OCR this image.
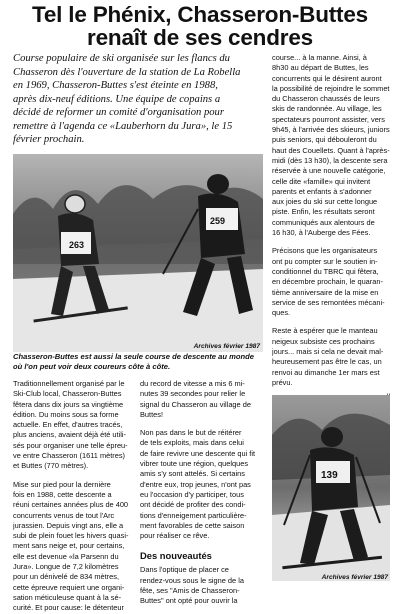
Tel le Phénix, Chasseron-Buttes
renaît de ses cendres
Course populaire de ski organisée sur les flancs du
Chasseron dès l'ouverture de la station de La Robella
en 1969, Chasseron-Buttes s'est éteinte en 1988,
après dix-neuf éditions. Une équipe de copains a
décidé de reformer un comité d'organisation pour
remettre à l'agenda ce «Lauberhorn du Jura», le 15
février prochain.
263
259
Archives février 1987
Chasseron-Buttes est aussi la seule course de descente au monde
où l'on peut voir deux coureurs côte à côte.
course... à la manne. Ainsi, à
8h30 au départ de Buttes, les
concurrents qui le désirent auront
la possibilité de rejoindre le sommet
du Chasseron chaussés de leurs
skis de randonnée. Au village, les
spectateurs pourront assister, vers
9h45, à l'arrivée des skieurs, juniors
puis seniors, qui débouleront du
haut des Couellets. Quant à l'après-
midi (dès 13 h30), la descente sera
réservée à une nouvelle catégorie,
celle dite «famille» qui invitent
parents et enfants à s'adonner
aux joies du ski sur cette longue
piste. Enfin, les résultats seront
communiqués aux alentours de
16 h30, à l'Auberge des Fées.
Précisons que les organisateurs
ont pu compter sur le soutien in-
conditionnel du TBRC qui fêtera,
en décembre prochain, le quaran-
tième anniversaire de la mise en
service de ses remontées mécani-
ques.
Reste à espérer que le manteau
neigeux subsiste ces prochains
jours... mais si cela ne devait mal-
heureusement pas être le cas, un
renvoi au dimanche 1er mars est
prévu.
Traditionnellement organisé par le
Ski-Club local, Chasseron-Buttes
fêtera dans dix jours sa vingtième
édition. Du moins sous sa forme
actuelle. En effet, d'autres tracés,
plus anciens, avaient déjà été utili-
sés pour organiser une telle épreu-
ve entre Chasseron (1611 mètres)
et Buttes (770 mètres).
Mise sur pied pour la dernière
fois en 1988, cette descente a
réuni certaines années plus de 400
concurrents venus de tout l'Arc
jurassien. Depuis vingt ans, elle a
subi de plein fouet les hivers quasi-
ment sans neige et, pour certains,
elle est devenue «la Parsenn du
Jura». Longue de 7,2 kilomètres
pour un dénivelé de 834 mètres,
cette épreuve requiert une organi-
sation méticuleuse quant à la sé-
curité. Et pour cause: le détenteur
du record de vitesse a mis 6 mi-
nutes 39 secondes pour relier le
signal du Chasseron au village de
Buttes!
Non pas dans le but de réitérer
de tels exploits, mais dans celui
de faire revivre une descente qui fit
vibrer toute une région, quelques
amis s'y sont attelés. Si certains
d'entre eux, trop jeunes, n'ont pas
eu l'occasion d'y participer, tous
ont décidé de profiter des condi-
tions d'enneigement particulière-
ment favorables de cette saison
pour réaliser ce rêve.
Des nouveautés
Dans l'optique de placer ce
rendez-vous sous le signe de la
fête, ses "Amis de Chasseron-
Buttes" ont opté pour ouvrir la
139
Archives février 1987
